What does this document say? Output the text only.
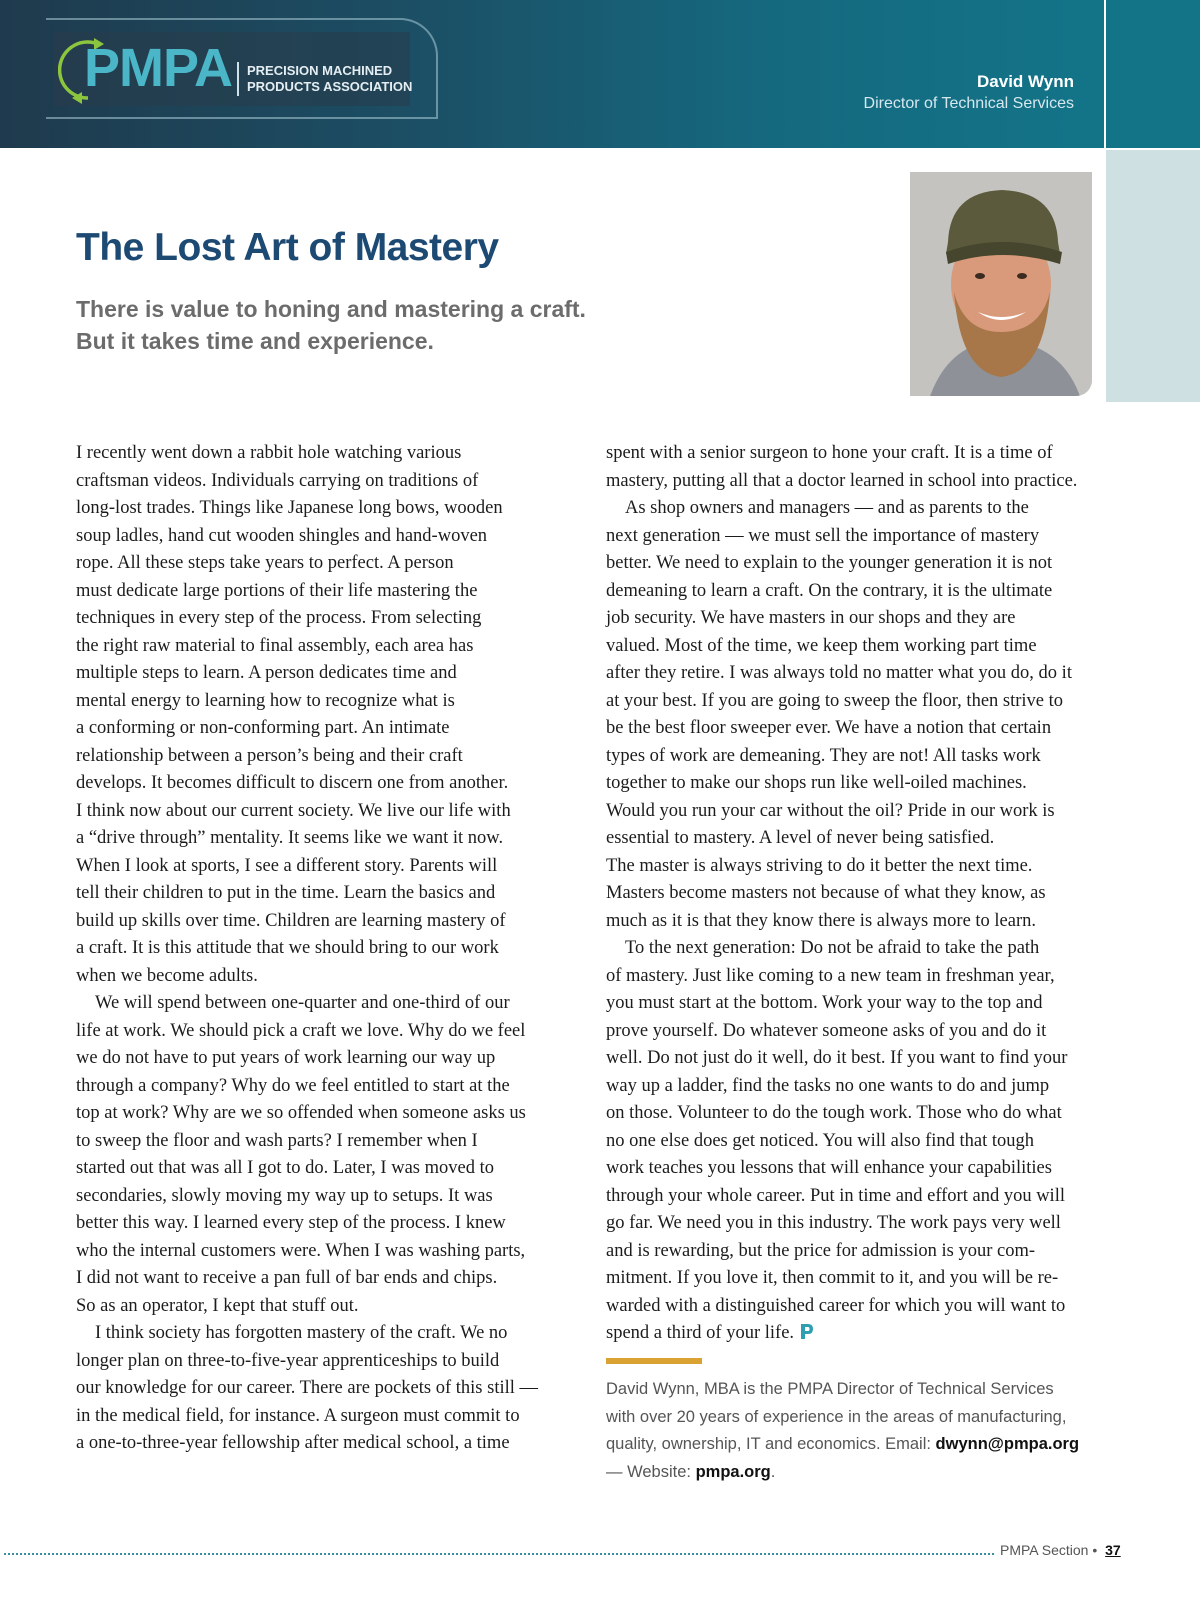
PMPA PRECISION MACHINED
PRODUCTS ASSOCIATION	David Wynn
Director of Technical Services
The Lost Art of Mastery
There is value to honing and mastering a craft.
But it takes time and experience.
I recently went down a rabbit hole watching various
craftsman videos. Individuals carrying on traditions of
long-lost trades. Things like Japanese long bows, wooden
soup ladles, hand cut wooden shingles and hand-woven
rope. All these steps take years to perfect. A person
must dedicate large portions of their life mastering the
techniques in every step of the process. From selecting
the right raw material to final assembly, each area has
multiple steps to learn. A person dedicates time and
mental energy to learning how to recognize what is
a conforming or non-conforming part. An intimate
relationship between a person’s being and their craft
develops. It becomes difficult to discern one from another.
I think now about our current society. We live our life with
a “drive through” mentality. It seems like we want it now.
When I look at sports, I see a different story. Parents will
tell their children to put in the time. Learn the basics and
build up skills over time. Children are learning mastery of
a craft. It is this attitude that we should bring to our work
when we become adults.
We will spend between one-quarter and one-third of our
life at work. We should pick a craft we love. Why do we feel
we do not have to put years of work learning our way up
through a company? Why do we feel entitled to start at the
top at work? Why are we so offended when someone asks us
to sweep the floor and wash parts? I remember when I
started out that was all I got to do. Later, I was moved to
secondaries, slowly moving my way up to setups. It was
better this way. I learned every step of the process. I knew
who the internal customers were. When I was washing parts,
I did not want to receive a pan full of bar ends and chips.
So as an operator, I kept that stuff out.
I think society has forgotten mastery of the craft. We no
longer plan on three-to-five-year apprenticeships to build
our knowledge for our career. There are pockets of this still —
in the medical field, for instance. A surgeon must commit to
a one-to-three-year fellowship after medical school, a time
spent with a senior surgeon to hone your craft. It is a time of
mastery, putting all that a doctor learned in school into practice.
As shop owners and managers — and as parents to the
next generation — we must sell the importance of mastery
better. We need to explain to the younger generation it is not
demeaning to learn a craft. On the contrary, it is the ultimate
job security. We have masters in our shops and they are
valued. Most of the time, we keep them working part time
after they retire. I was always told no matter what you do, do it
at your best. If you are going to sweep the floor, then strive to
be the best floor sweeper ever. We have a notion that certain
types of work are demeaning. They are not! All tasks work
together to make our shops run like well-oiled machines.
Would you run your car without the oil? Pride in our work is
essential to mastery. A level of never being satisfied.
The master is always striving to do it better the next time.
Masters become masters not because of what they know, as
much as it is that they know there is always more to learn.
To the next generation: Do not be afraid to take the path
of mastery. Just like coming to a new team in freshman year,
you must start at the bottom. Work your way to the top and
prove yourself. Do whatever someone asks of you and do it
well. Do not just do it well, do it best. If you want to find your
way up a ladder, find the tasks no one wants to do and jump
on those. Volunteer to do the tough work. Those who do what
no one else does get noticed. You will also find that tough
work teaches you lessons that will enhance your capabilities
through your whole career. Put in time and effort and you will
go far. We need you in this industry. The work pays very well
and is rewarding, but the price for admission is your com-
mitment. If you love it, then commit to it, and you will be re-
warded with a distinguished career for which you will want to
spend a third of your life.
David Wynn, MBA is the PMPA Director of Technical Services
with over 20 years of experience in the areas of manufacturing,
quality, ownership, IT and economics. Email: dwynn@pmpa.org
— Website: pmpa.org.
PMPA Section • 37
